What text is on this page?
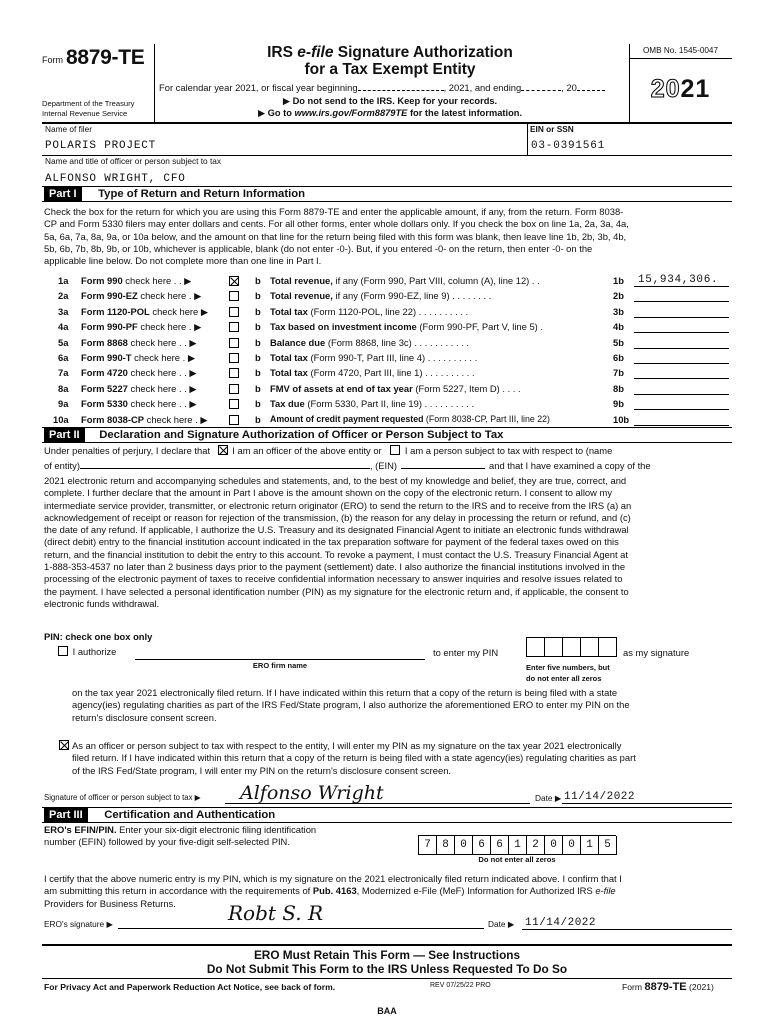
Form 8879-TE
Department of the Treasury
Internal Revenue Service
IRS e-file Signature Authorization
for a Tax Exempt Entity
For calendar year 2021, or fiscal year beginning	, 2021, and ending	, 20
▶ Do not send to the IRS. Keep for your records.
▶ Go to www.irs.gov/Form8879TE for the latest information.
OMB No. 1545-0047
2021
Name of filer
POLARIS PROJECT
EIN or SSN
03-0391561
Name and title of officer or person subject to tax
ALFONSO WRIGHT, CFO
Part I Type of Return and Return Information
Check the box for the return for which you are using this Form 8879-TE and enter the applicable amount, if any, from the return. Form 8038-
CP and Form 5330 filers may enter dollars and cents. For all other forms, enter whole dollars only. If you check the box on line 1a, 2a, 3a, 4a,
5a, 6a, 7a, 8a, 9a, or 10a below, and the amount on that line for the return being filed with this form was blank, then leave line 1b, 2b, 3b, 4b,
5b, 6b, 7b, 8b, 9b, or 10b, whichever is applicable, blank (do not enter -0-). But, if you entered -0- on the return, then enter -0- on the
applicable line below. Do not complete more than one line in Part I.
1a Form 990 check here . . ▶	b Total revenue, if any (Form 990, Part VIII, column (A), line 12) . .	1b 15,934,306.
2a Form 990-EZ check here . ▶	b Total revenue, if any (Form 990-EZ, line 9) . . . . . . . .	2b
3a Form 1120-POL check here ▶	b Total tax (Form 1120-POL, line 22) . . . . . . . . . .	3b
4a Form 990-PF check here . ▶	b Tax based on investment income (Form 990-PF, Part V, line 5) .	4b
5a Form 8868 check here . . ▶	b Balance due (Form 8868, line 3c) . . . . . . . . . . .	5b
6a Form 990-T check here . ▶	b Total tax (Form 990-T, Part III, line 4) . . . . . . . . . .	6b
7a Form 4720 check here . . ▶	b Total tax (Form 4720, Part III, line 1) . . . . . . . . . .	7b
8a Form 5227 check here . . ▶	b FMV of assets at end of tax year (Form 5227, Item D) . . . .	8b
9a Form 5330 check here . . ▶	b Tax due (Form 5330, Part II, line 19) . . . . . . . . . .	9b
10a Form 8038-CP check here . ▶	b Amount of credit payment requested (Form 8038-CP, Part III, line 22)	10b
Part II Declaration and Signature Authorization of Officer or Person Subject to Tax
Under penalties of perjury, I declare that I am an officer of the above entity or I am a person subject to tax with respect to (name
of entity)	, (EIN)	and that I have examined a copy of the
2021 electronic return and accompanying schedules and statements, and, to the best of my knowledge and belief, they are true, correct, and
complete. I further declare that the amount in Part I above is the amount shown on the copy of the electronic return. I consent to allow my
intermediate service provider, transmitter, or electronic return originator (ERO) to send the return to the IRS and to receive from the IRS (a) an
acknowledgement of receipt or reason for rejection of the transmission, (b) the reason for any delay in processing the return or refund, and (c)
the date of any refund. If applicable, I authorize the U.S. Treasury and its designated Financial Agent to initiate an electronic funds withdrawal
(direct debit) entry to the financial institution account indicated in the tax preparation software for payment of the federal taxes owed on this
return, and the financial institution to debit the entry to this account. To revoke a payment, I must contact the U.S. Treasury Financial Agent at
1-888-353-4537 no later than 2 business days prior to the payment (settlement) date. I also authorize the financial institutions involved in the
processing of the electronic payment of taxes to receive confidential information necessary to answer inquiries and resolve issues related to
the payment. I have selected a personal identification number (PIN) as my signature for the electronic return and, if applicable, the consent to
electronic funds withdrawal.
PIN: check one box only
I authorize
ERO firm name
to enter my PIN	as my signature
Enter five numbers, but
do not enter all zeros
on the tax year 2021 electronically filed return. If I have indicated within this return that a copy of the return is being filed with a state
agency(ies) regulating charities as part of the IRS Fed/State program, I also authorize the aforementioned ERO to enter my PIN on the
return's disclosure consent screen.
As an officer or person subject to tax with respect to the entity, I will enter my PIN as my signature on the tax year 2021 electronically
filed return. If I have indicated within this return that a copy of the return is being filed with a state agency(ies) regulating charities as part
of the IRS Fed/State program, I will enter my PIN on the return's disclosure consent screen.
Signature of officer or person subject to tax ▶ Alfonso Wright	Date ▶ 11/14/2022
Part III Certification and Authentication
ERO's EFIN/PIN. Enter your six-digit electronic filing identification
number (EFIN) followed by your five-digit self-selected PIN.	7	8	0	6	6	1	2	0	0	1	5
Do not enter all zeros
I certify that the above numeric entry is my PIN, which is my signature on the 2021 electronically filed return indicated above. I confirm that I
am submitting this return in accordance with the requirements of Pub. 4163, Modernized e-File (MeF) Information for Authorized IRS e-file
Providers for Business Returns.
ERO's signature ▶	Robt S. R	Date ▶ 11/14/2022
ERO Must Retain This Form — See Instructions
Do Not Submit This Form to the IRS Unless Requested To Do So
For Privacy Act and Paperwork Reduction Act Notice, see back of form.	REV 07/25/22 PRO	Form 8879-TE (2021)
BAA
